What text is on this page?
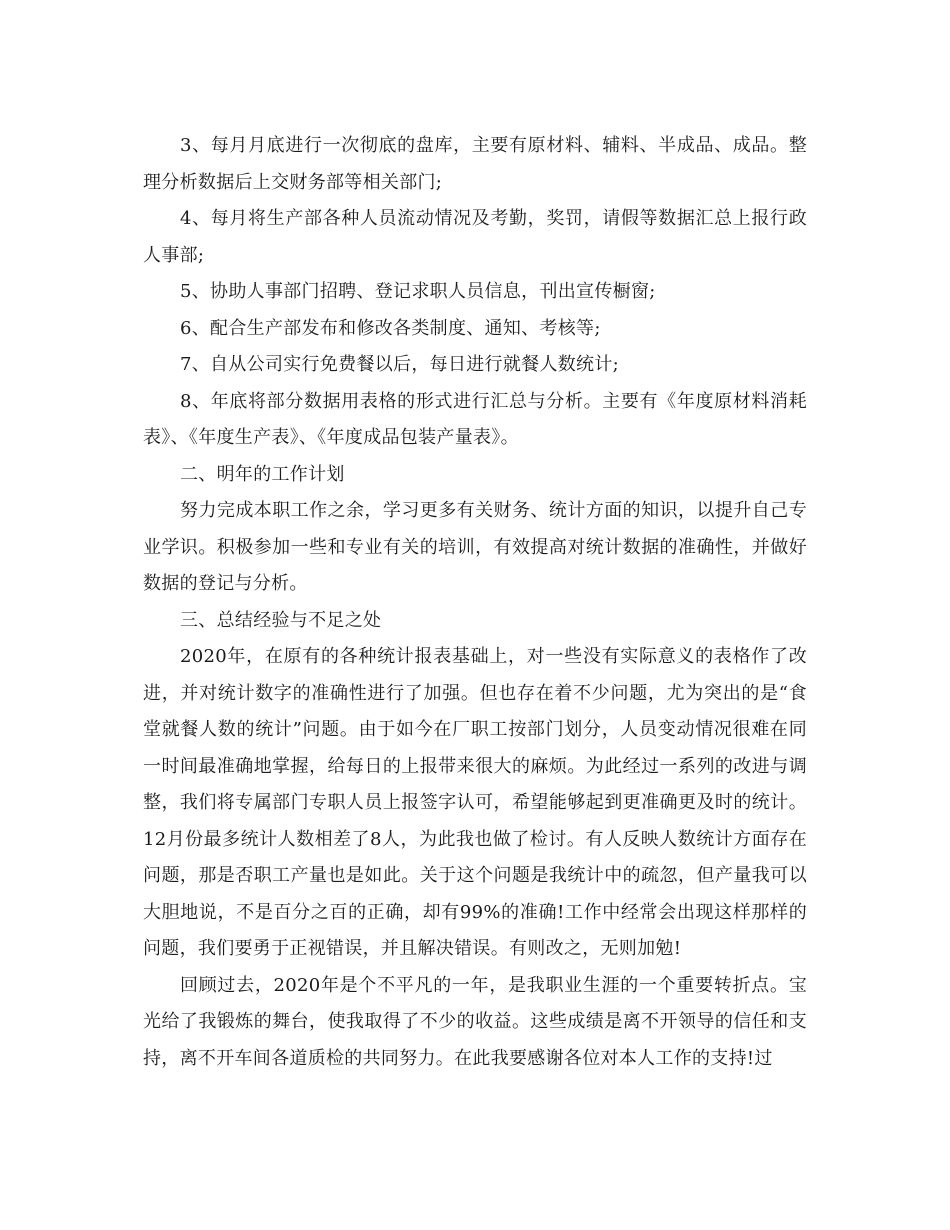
3、每月月底进行一次彻底的盘库，主要有原材料、辅料、半成品、成品。整理分析数据后上交财务部等相关部门;

4、每月将生产部各种人员流动情况及考勤，奖罚，请假等数据汇总上报行政人事部;

5、协助人事部门招聘、登记求职人员信息，刊出宣传橱窗;

6、配合生产部发布和修改各类制度、通知、考核等;

7、自从公司实行免费餐以后，每日进行就餐人数统计;

8、年底将部分数据用表格的形式进行汇总与分析。主要有《年度原材料消耗表》、《年度生产表》、《年度成品包装产量表》。

二、明年的工作计划

努力完成本职工作之余，学习更多有关财务、统计方面的知识，以提升自己专业学识。积极参加一些和专业有关的培训，有效提高对统计数据的准确性，并做好数据的登记与分析。

三、总结经验与不足之处

2020年，在原有的各种统计报表基础上，对一些没有实际意义的表格作了改进，并对统计数字的准确性进行了加强。但也存在着不少问题，尤为突出的是“食堂就餐人数的统计”问题。由于如今在厂职工按部门划分，人员变动情况很难在同一时间最准确地掌握，给每日的上报带来很大的麻烦。为此经过一系列的改进与调整，我们将专属部门专职人员上报签字认可，希望能够起到更准确更及时的统计。12月份最多统计人数相差了8人，为此我也做了检讨。有人反映人数统计方面存在问题，那是否职工产量也是如此。关于这个问题是我统计中的疏忽，但产量我可以大胆地说，不是百分之百的正确，却有99%的准确!工作中经常会出现这样那样的问题，我们要勇于正视错误，并且解决错误。有则改之，无则加勉!

回顾过去，2020年是个不平凡的一年，是我职业生涯的一个重要转折点。宝光给了我锻炼的舞台，使我取得了不少的收益。这些成绩是离不开领导的信任和支持，离不开车间各道质检的共同努力。在此我要感谢各位对本人工作的支持!过
